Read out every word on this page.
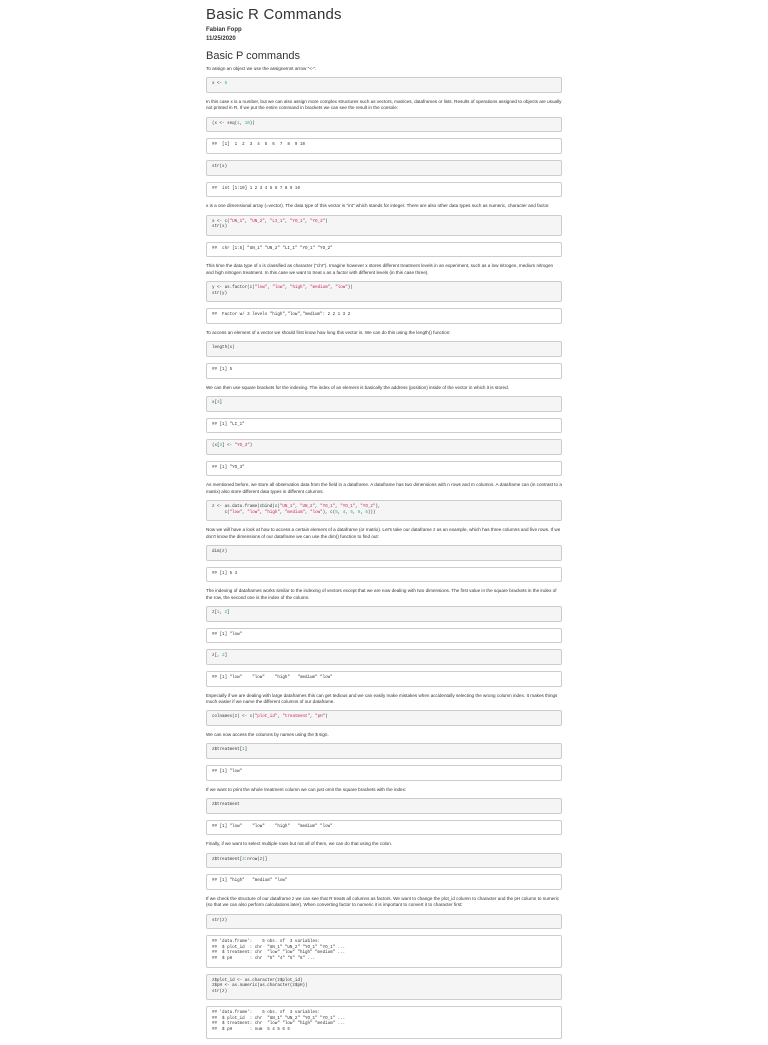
Basic R Commands
Fabian Fopp
11/25/2020
Basic P commands

To assign an object we use the assignemnt arrow "<-".

x <- 5

In this case x is a number, but we can also assign more complex structures such as vectors, matrices, dataframes or lists. Results of operations assigned to objects are usually not printed in R. If we put the entire command in brackets we can see the result in the console:

(x <- seq(1, 10))
##  [1]  1  2  3  4  5  6  7  8  9 10
str(x)
##  int [1:10] 1 2 3 4 5 6 7 8 9 10

x is a one dimensional array (=vector). The data type of this vector is "int" which stands for integer. There are also other data types such as numeric, character and factor.

x <- c("UN_1", "UN_2", "LI_1", "YO_1", "YO_2")
str(x)
##  chr [1:5] "UN_1" "UN_2" "LI_1" "YO_1" "YO_2"

This time the data type of x is classified as character ("chr"). Imagine however x stores different treatment levels in an experiment, such as a low nitrogen, medium nitrogen and high nitrogen treatment. In this case we want to treat x as a factor with different levels (in this case three).

y <- as.factor(c("low", "low", "high", "medium", "low"))
str(y)
##  Factor w/ 3 levels "high","low","medium": 2 2 1 3 2

To access an element of a vector we should first know how long this vector is. We can do this using the length() function:

length(x)
## [1] 5

We can then use square brackets for the indexing. The index of an element is basically the address (position) inside of the vector in which it is stored.

x[3]
## [1] "LI_1"
(x[3] <- "YO_3")
## [1] "YO_3"

As mentioned before, we store all observation data from the field in a dataframe. A dataframe has two dimensions with n rows and m columns. A dataframe can (in contrast to a matrix) also store different data types in different columns.

z <- as.data.frame(cbind(c("UN_1", "UN_2", "YO_1", "YO_1", "YO_2"),
c("low", "low", "high", "medium", "low"), c(5, 4, 5, 6, 5)))

Now we will have a look at how to access a certain element of a dataframe (or matrix). Let's take our dataframe z as an example, which has three columns and five rows. If we don't know the dimensions of our dataframe we can use the dim() function to find out:

dim(z)
## [1] 5 3

The indexing of dataframes works similar to the indexing of vectors except that we are now dealing with two dimensions. The first value in the square brackets in the index of the row, the second one is the index of the column.

z[1, 2]
## [1] "low"
z[, 2]
## [1] "low"    "low"    "high"   "medium" "low"

Especially if we are dealing with large dataframes this can get tedious and we can easily make mistakes when accidentally selecting the wrong column index. It makes things much easier if we name the different columns of our dataframe.

colnames(z) <- c("plot_id", "treatment", "pH")

We can now access the columns by names using the $ sign.

z$treatment[1]
## [1] "low"

If we want to print the whole treatment column we can just omit the square brackets with the index:

z$treatment
## [1] "low"    "low"    "high"   "medium" "low"

Finally, if we want to select multiple rows but not all of them, we can do that using the colon.

z$treatment[3:nrow(z)]
## [1] "high"   "medium" "low"

If we check the structure of our dataframe z we can see that R treats all columns as factors. We want to change the plot_id column to character and the pH column to numeric (so that we can also perform calculations later). When converting factor to numeric it is important to convert it to character first:

str(z)
## 'data.frame':    5 obs. of  3 variables:
##  $ plot_id  : chr  "UN_1" "UN_2" "YO_1" "YO_1" ...
##  $ treatment: chr  "low" "low" "high" "medium" ...
##  $ pH       : chr  "5" "4" "5" "6" ...
z$plot_id <- as.character(z$plot_id)
z$pH <- as.numeric(as.character(z$pH))
str(z)
## 'data.frame':    5 obs. of  3 variables:
##  $ plot_id  : chr  "UN_1" "UN_2" "YO_1" "YO_1" ...
##  $ treatment: chr  "low" "low" "high" "medium" ...
##  $ pH       : num  5 4 5 6 5
